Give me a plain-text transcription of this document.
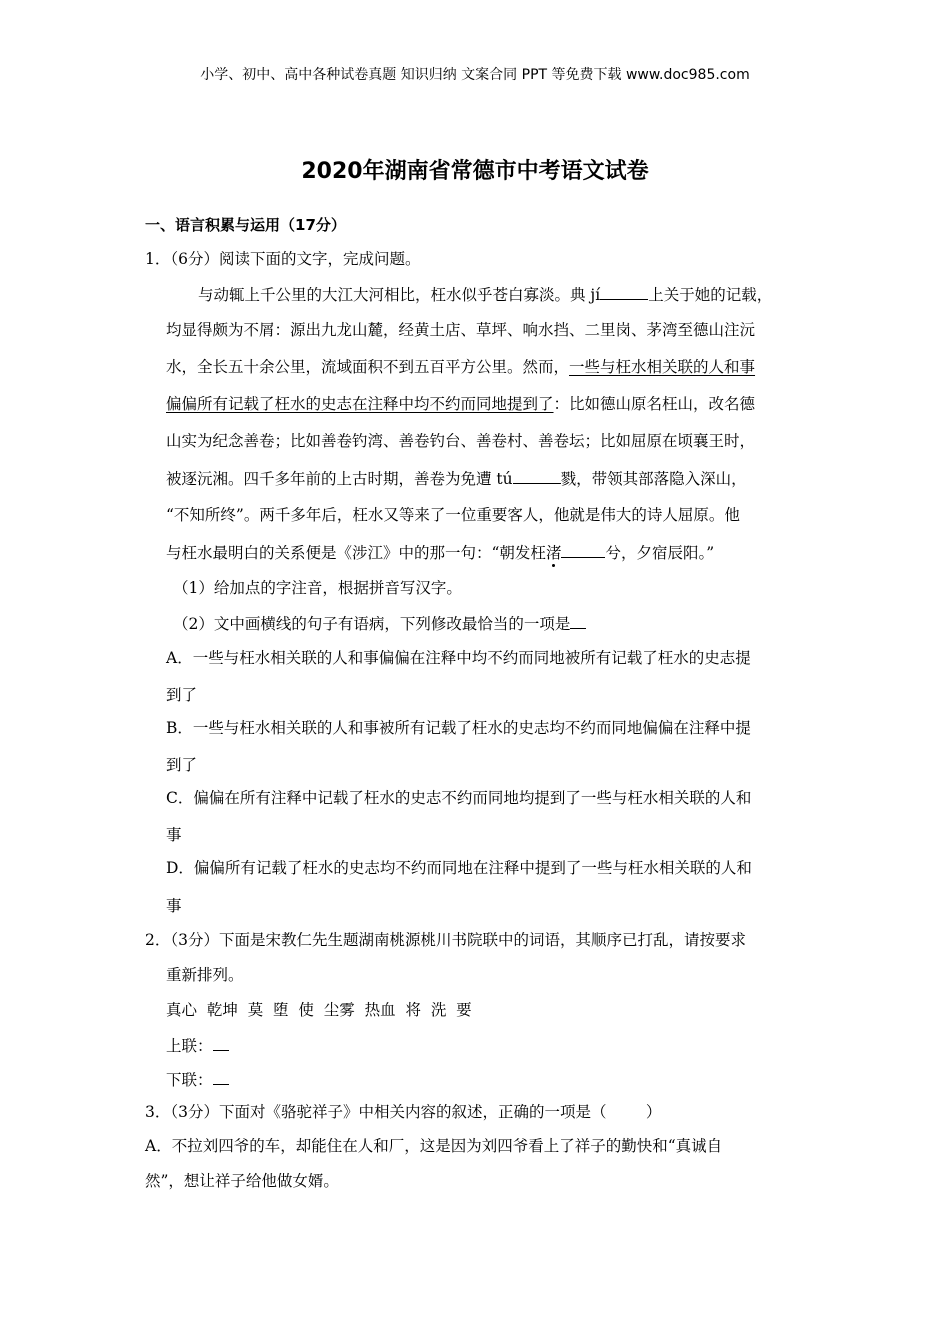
小学、初中、高中各种试卷真题 知识归纳 文案合同 PPT 等免费下载 www.doc985.com
2020年湖南省常德市中考语文试卷
一、语言积累与运用（17分）
1．（6分）阅读下面的文字，完成问题。
与动辄上千公里的大江大河相比，枉水似乎苍白寡淡。典 jí	上关于她的记载，
均显得颇为不屑：源出九龙山麓，经黄土店、草坪、响水挡、二里岗、茅湾至德山注沅
水，全长五十余公里，流域面积不到五百平方公里。然而，一些与枉水相关联的人和事
偏偏所有记载了枉水的史志在注释中均不约而同地提到了：比如德山原名枉山，改名德
山实为纪念善卷；比如善卷钓湾、善卷钓台、善卷村、善卷坛；比如屈原在顷襄王时，
被逐沅湘。四千多年前的上古时期，善卷为免遭 tú	戮，带领其部落隐入深山，
“不知所终”。两千多年后，枉水又等来了一位重要客人，他就是伟大的诗人屈原。他
与枉水最明白的关系便是《涉江》中的那一句：“朝发枉渚	兮，夕宿辰阳。”
（1）给加点的字注音，根据拼音写汉字。
（2）文中画横线的句子有语病，下列修改最恰当的一项是
A．一些与枉水相关联的人和事偏偏在注释中均不约而同地被所有记载了枉水的史志提
到了
B．一些与枉水相关联的人和事被所有记载了枉水的史志均不约而同地偏偏在注释中提
到了
C．偏偏在所有注释中记载了枉水的史志不约而同地均提到了一些与枉水相关联的人和
事
D．偏偏所有记载了枉水的史志均不约而同地在注释中提到了一些与枉水相关联的人和
事
2．（3分）下面是宋教仁先生题湖南桃源桃川书院联中的词语，其顺序已打乱，请按要求
重新排列。
真心  乾坤  莫  堕  使  尘雾  热血  将  洗  要
上联：
下联：
3．（3分）下面对《骆驼祥子》中相关内容的叙述，正确的一项是（        ）
A．不拉刘四爷的车，却能住在人和厂，这是因为刘四爷看上了祥子的勤快和“真诚自
然”，想让祥子给他做女婿。
